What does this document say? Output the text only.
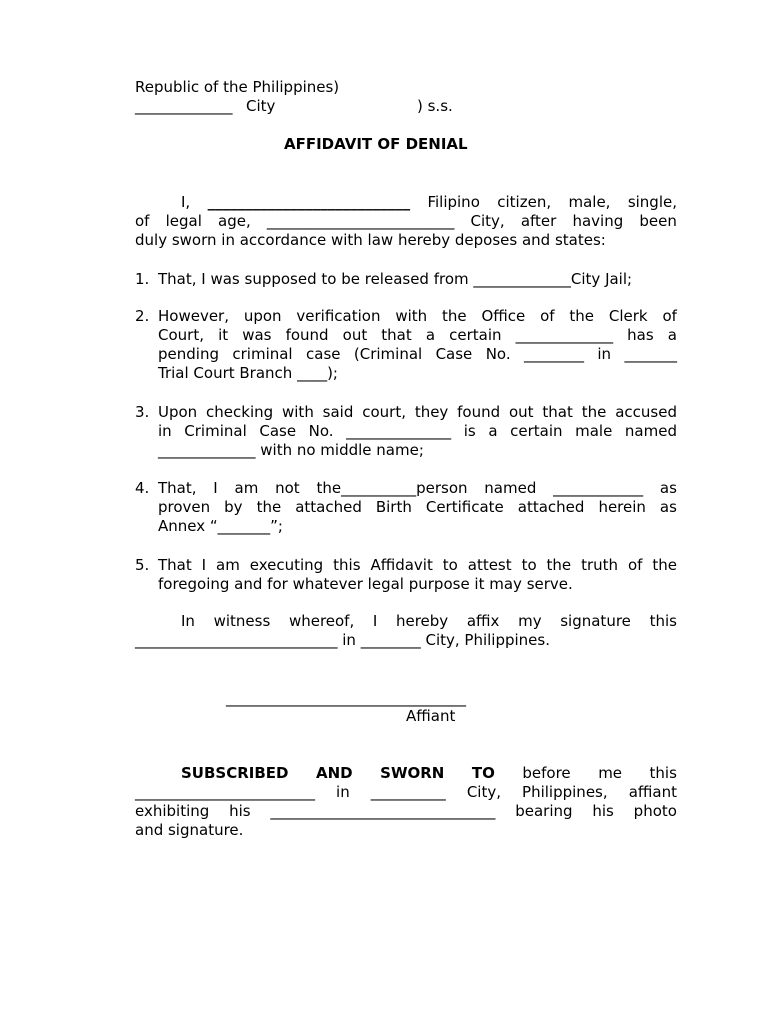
Republic of the Philippines)
_____________ City	) s.s.
AFFIDAVIT OF DENIAL
I, ___________________________ Filipino citizen, male, single,
of legal age, _________________________ City, after having been
duly sworn in accordance with law hereby deposes and states:
1. That, I was supposed to be released from _____________City Jail;
2. However, upon verification with the Office of the Clerk of
Court, it was found out that a certain _____________ has a
pending criminal case (Criminal Case No. ________ in _______
Trial Court Branch ____);
3. Upon checking with said court, they found out that the accused
in Criminal Case No. ______________ is a certain male named
_____________ with no middle name;
4. That, I am not the__________person named ____________ as
proven by the attached Birth Certificate attached herein as
Annex “_______”;
5. That I am executing this Affidavit to attest to the truth of the
foregoing and for whatever legal purpose it may serve.
In witness whereof, I hereby affix my signature this
___________________________ in ________ City, Philippines.
________________________________
Affiant
SUBSCRIBED AND SWORN TO before me this
________________________ in __________ City, Philippines, affiant
exhibiting his ______________________________ bearing his photo
and signature.
